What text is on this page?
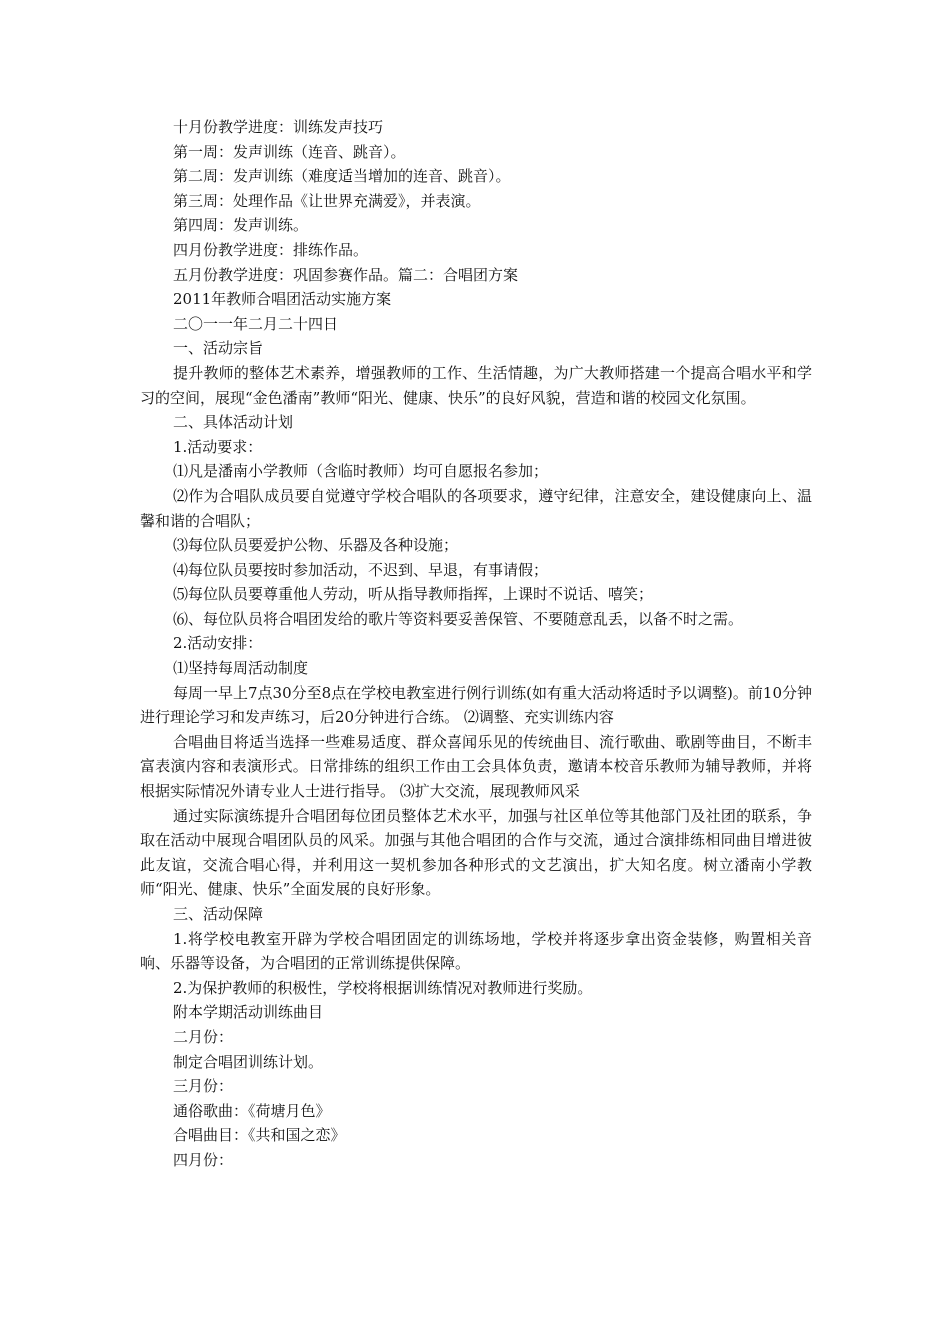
十月份教学进度：训练发声技巧

第一周：发声训练（连音、跳音）。

第二周：发声训练（难度适当增加的连音、跳音）。

第三周：处理作品《让世界充满爱》，并表演。

第四周：发声训练。

四月份教学进度：排练作品。

五月份教学进度：巩固参赛作品。篇二：合唱团方案

2011年教师合唱团活动实施方案

二〇一一年二月二十四日

一、活动宗旨

提升教师的整体艺术素养，增强教师的工作、生活情趣，为广大教师搭建一个提高合唱水平和学习的空间，展现“金色潘南”教师“阳光、健康、快乐”的良好风貌，营造和谐的校园文化氛围。

二、具体活动计划

1.活动要求：

⑴凡是潘南小学教师（含临时教师）均可自愿报名参加；

⑵作为合唱队成员要自觉遵守学校合唱队的各项要求，遵守纪律，注意安全，建设健康向上、温馨和谐的合唱队；

⑶每位队员要爱护公物、乐器及各种设施；

⑷每位队员要按时参加活动，不迟到、早退，有事请假；

⑸每位队员要尊重他人劳动，听从指导教师指挥，上课时不说话、嘻笑；

⑹、每位队员将合唱团发给的歌片等资料要妥善保管、不要随意乱丢，以备不时之需。

2.活动安排：

⑴坚持每周活动制度

每周一早上7点30分至8点在学校电教室进行例行训练(如有重大活动将适时予以调整)。前10分钟进行理论学习和发声练习，后20分钟进行合练。 ⑵调整、充实训练内容

合唱曲目将适当选择一些难易适度、群众喜闻乐见的传统曲目、流行歌曲、歌剧等曲目，不断丰富表演内容和表演形式。日常排练的组织工作由工会具体负责，邀请本校音乐教师为辅导教师，并将根据实际情况外请专业人士进行指导。 ⑶扩大交流，展现教师风采

通过实际演练提升合唱团每位团员整体艺术水平，加强与社区单位等其他部门及社团的联系，争取在活动中展现合唱团队员的风采。加强与其他合唱团的合作与交流，通过合演排练相同曲目增进彼此友谊，交流合唱心得，并利用这一契机参加各种形式的文艺演出，扩大知名度。树立潘南小学教师“阳光、健康、快乐”全面发展的良好形象。

三、活动保障

1.将学校电教室开辟为学校合唱团固定的训练场地，学校并将逐步拿出资金装修，购置相关音响、乐器等设备，为合唱团的正常训练提供保障。

2.为保护教师的积极性，学校将根据训练情况对教师进行奖励。

附本学期活动训练曲目

二月份：

制定合唱团训练计划。

三月份：

通俗歌曲：《荷塘月色》

合唱曲目：《共和国之恋》

四月份：
